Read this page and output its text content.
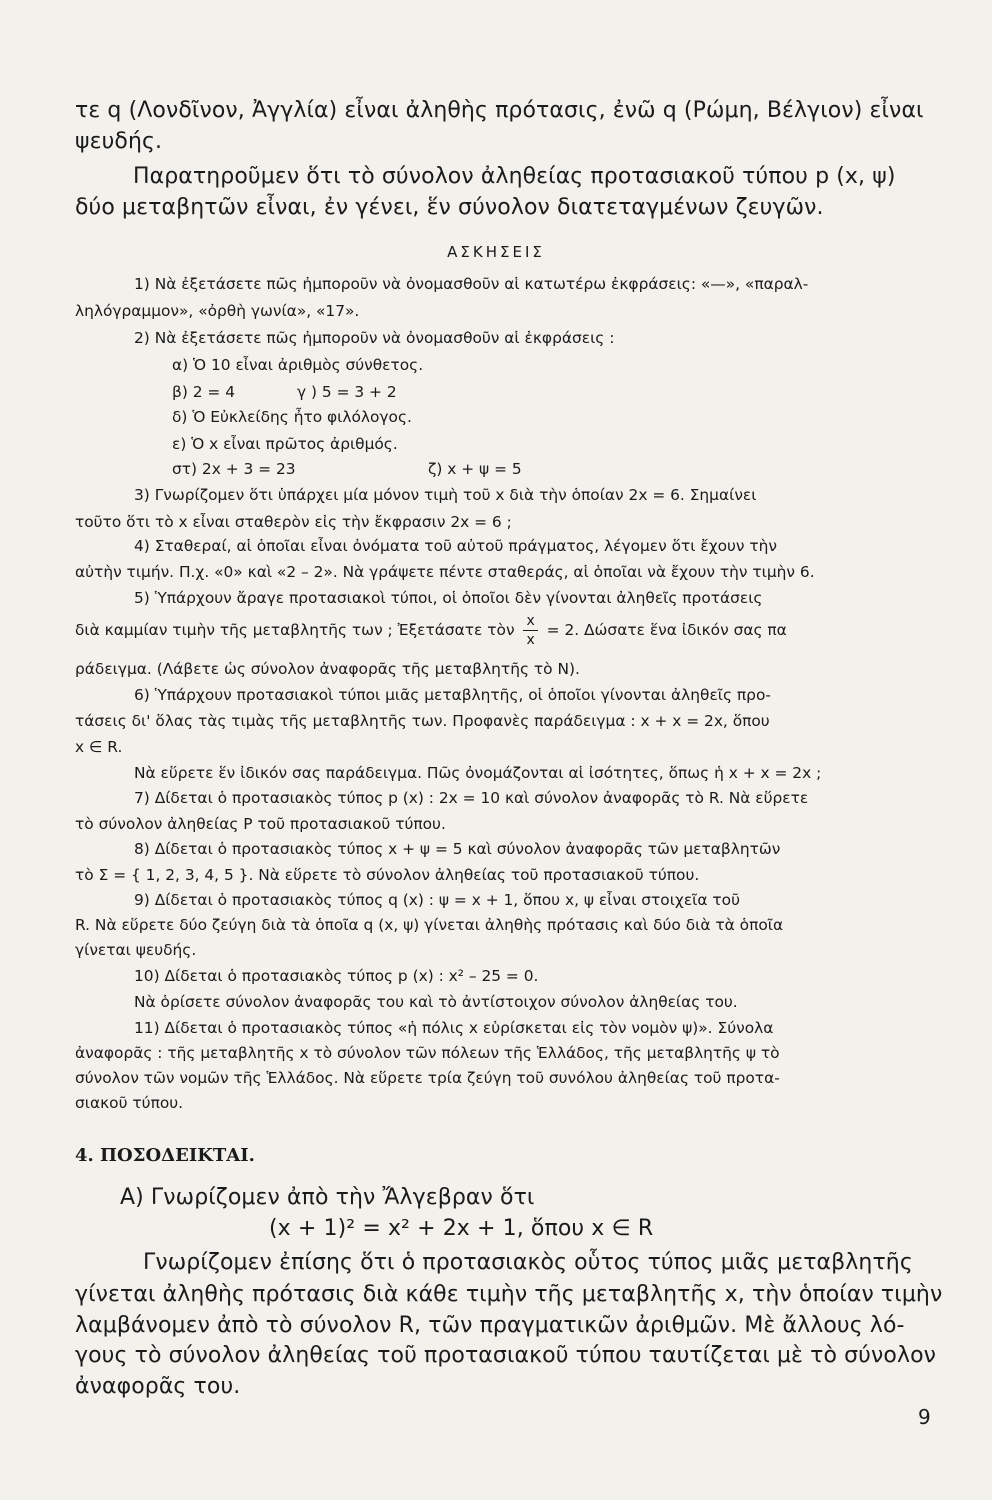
τε q (Λονδῖνον, Ἀγγλία) εἶναι ἀληθὴς πρότασις, ἐνῶ q (Ρώμη, Βέλγιον) εἶναι
ψευδής.
Παρατηροῦμεν ὅτι τὸ σύνολον ἀληθείας προτασιακοῦ τύπου p (x, ψ)
δύο μεταβητῶν εἶναι, ἐν γένει, ἕν σύνολον διατεταγμένων ζευγῶν.
ΑΣΚΗΣΕΙΣ
1) Νὰ ἐξετάσετε πῶς ἠμποροῦν νὰ ὀνομασθοῦν αἱ κατωτέρω ἐκφράσεις: «—», «παραλ-
ληλόγραμμον», «ὀρθὴ γωνία», «17».
2) Νὰ ἐξετάσετε πῶς ἠμποροῦν νὰ ὀνομασθοῦν αἱ ἐκφράσεις :
α) Ὁ 10 εἶναι ἀριθμὸς σύνθετος.
β) 2 = 4	γ ) 5 = 3 + 2
δ) Ὁ Εὐκλείδης ἦτο φιλόλογος.
ε) Ὁ x εἶναι πρῶτος ἀριθμός.
στ) 2x + 3 = 23	ζ) x + ψ = 5
3) Γνωρίζομεν ὅτι ὑπάρχει μία μόνον τιμὴ τοῦ x διὰ τὴν ὁποίαν 2x = 6. Σημαίνει
τοῦτο ὅτι τὸ x εἶναι σταθερὸν εἰς τὴν ἔκφρασιν 2x = 6 ;
4) Σταθεραί, αἱ ὁποῖαι εἶναι ὀνόματα τοῦ αὐτοῦ πράγματος, λέγομεν ὅτι ἔχουν τὴν
αὐτὴν τιμήν. Π.χ. «0» καὶ «2 – 2». Νὰ γράψετε πέντε σταθεράς, αἱ ὁποῖαι νὰ ἔχουν τὴν τιμὴν 6.
5) Ὑπάρχουν ἄραγε προτασιακοὶ τύποι, οἱ ὁποῖοι δὲν γίνονται ἀληθεῖς προτάσεις
διὰ καμμίαν τιμὴν τῆς μεταβλητῆς των ; Ἐξετάσατε τὸν $\frac{x}{x} = 2$. Δώσατε ἕνα ἰδικόν σας πα
ράδειγμα. (Λάβετε ὡς σύνολον ἀναφορᾶς τῆς μεταβλητῆς τὸ N).
6) Ὑπάρχουν προτασιακοὶ τύποι μιᾶς μεταβλητῆς, οἱ ὁποῖοι γίνονται ἀληθεῖς προ-
τάσεις δι' ὅλας τὰς τιμὰς τῆς μεταβλητῆς των. Προφανὲς παράδειγμα : x + x = 2x, ὅπου
x ∈ R.
Νὰ εὕρετε ἕν ἰδικόν σας παράδειγμα. Πῶς ὀνομάζονται αἱ ἰσότητες, ὅπως ἡ x + x = 2x ;
7) Δίδεται ὁ προτασιακὸς τύπος p (x) : 2x = 10 καὶ σύνολον ἀναφορᾶς τὸ R. Νὰ εὕρετε
τὸ σύνολον ἀληθείας P τοῦ προτασιακοῦ τύπου.
8) Δίδεται ὁ προτασιακὸς τύπος x + ψ = 5 καὶ σύνολον ἀναφορᾶς τῶν μεταβλητῶν
τὸ Σ = { 1, 2, 3, 4, 5 }. Νὰ εὕρετε τὸ σύνολον ἀληθείας τοῦ προτασιακοῦ τύπου.
9) Δίδεται ὁ προτασιακὸς τύπος q (x) : ψ = x + 1, ὅπου x, ψ εἶναι στοιχεῖα τοῦ
R. Νὰ εὕρετε δύο ζεύγη διὰ τὰ ὁποῖα q (x, ψ) γίνεται ἀληθὴς πρότασις καὶ δύο διὰ τὰ ὁποῖα
γίνεται ψευδής.
10) Δίδεται ὁ προτασιακὸς τύπος p (x) : x² – 25 = 0.
Νὰ ὁρίσετε σύνολον ἀναφορᾶς του καὶ τὸ ἀντίστοιχον σύνολον ἀληθείας του.
11) Δίδεται ὁ προτασιακὸς τύπος «ἡ πόλις x εὑρίσκεται εἰς τὸν νομὸν ψ)». Σύνολα
ἀναφορᾶς : τῆς μεταβλητῆς x τὸ σύνολον τῶν πόλεων τῆς Ἑλλάδος, τῆς μεταβλητῆς ψ τὸ
σύνολον τῶν νομῶν τῆς Ἑλλάδος. Νὰ εὕρετε τρία ζεύγη τοῦ συνόλου ἀληθείας τοῦ προτα-
σιακοῦ τύπου.
4. ΠΟΣΟΔΕΙΚΤΑΙ.
A) Γνωρίζομεν ἀπὸ τὴν Ἄλγεβραν ὅτι
(x + 1)² = x² + 2x + 1, ὅπου x ∈ R
Γνωρίζομεν ἐπίσης ὅτι ὁ προτασιακὸς οὗτος τύπος μιᾶς μεταβλητῆς
γίνεται ἀληθὴς πρότασις διὰ κάθε τιμὴν τῆς μεταβλητῆς x, τὴν ὁποίαν τιμὴν
λαμβάνομεν ἀπὸ τὸ σύνολον R, τῶν πραγματικῶν ἀριθμῶν. Μὲ ἄλλους λό-
γους τὸ σύνολον ἀληθείας τοῦ προτασιακοῦ τύπου ταυτίζεται μὲ τὸ σύνολον
ἀναφορᾶς του.
9
